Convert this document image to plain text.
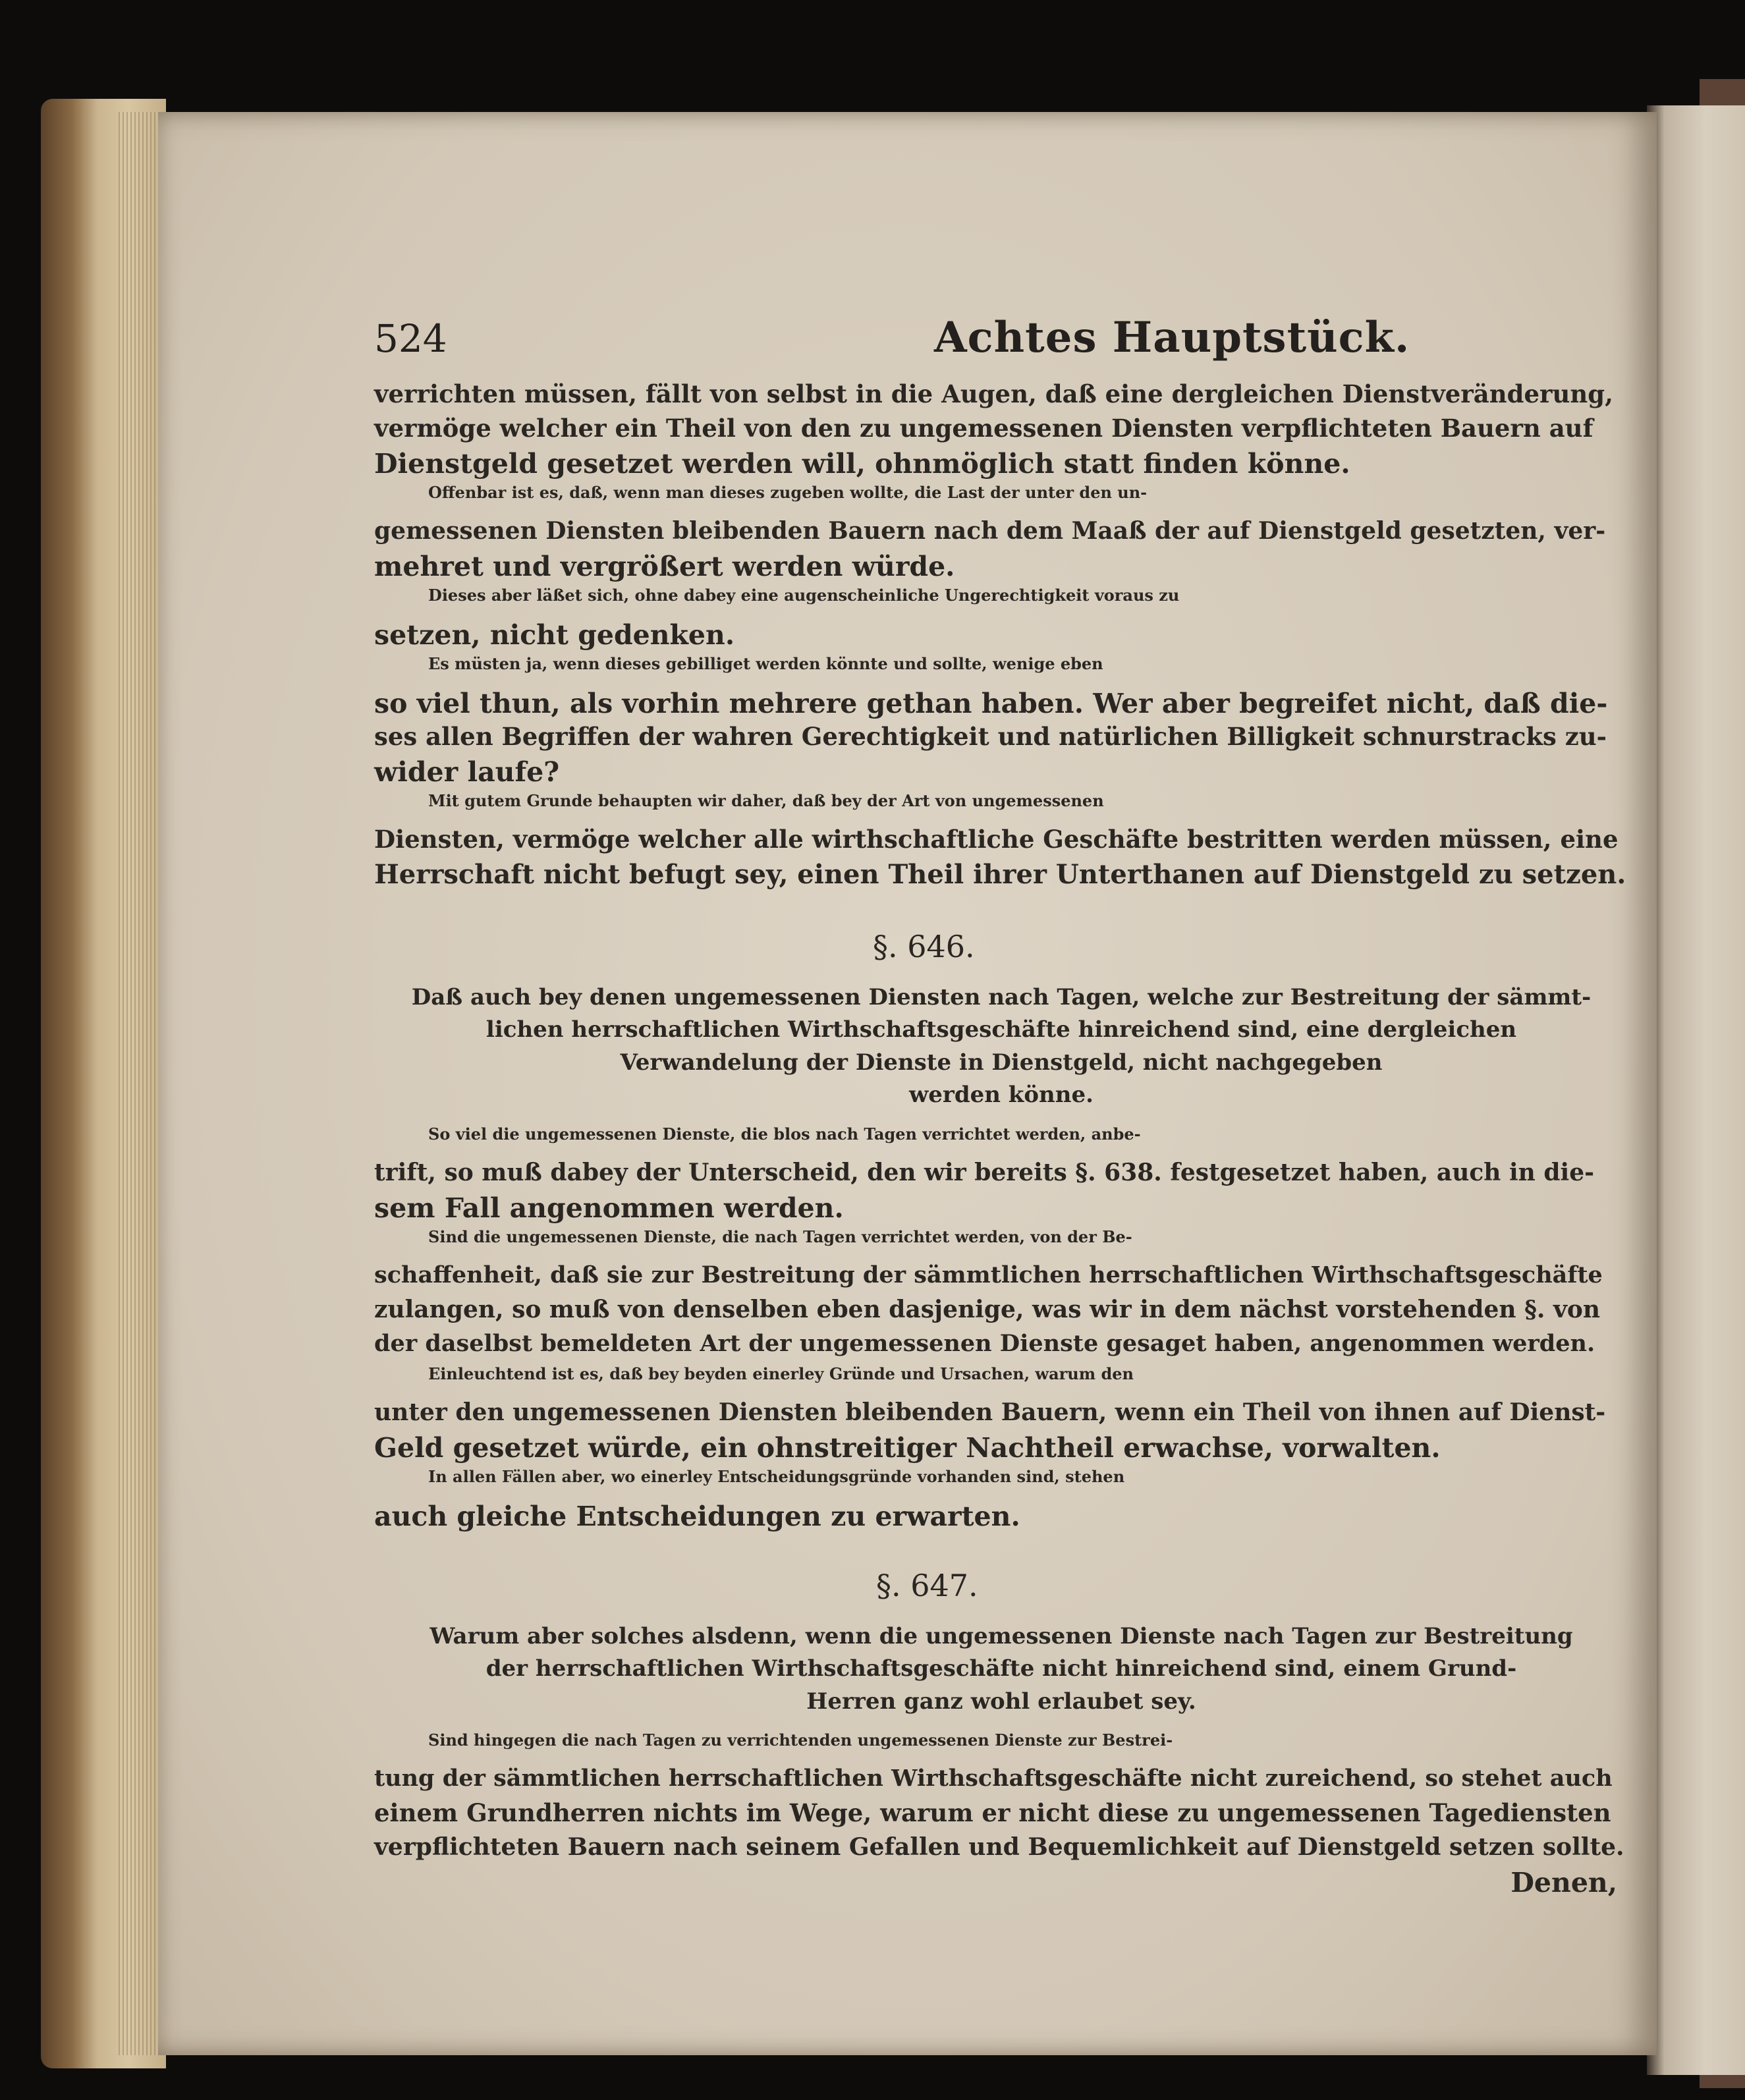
524	Achtes Hauptstück.
verrichten müssen, fällt von selbst in die Augen, daß eine dergleichen Dienstveränderung,
vermöge welcher ein Theil von den zu ungemessenen Diensten verpflichteten Bauern auf
Dienstgeld gesetzet werden will, ohnmöglich statt finden könne.
Offenbar ist es, daß, wenn man dieses zugeben wollte, die Last der unter den un-
gemessenen Diensten bleibenden Bauern nach dem Maaß der auf Dienstgeld gesetzten, ver-
mehret und vergrößert werden würde.
Dieses aber läßet sich, ohne dabey eine augenscheinliche Ungerechtigkeit voraus zu
setzen, nicht gedenken.
Es müsten ja, wenn dieses gebilliget werden könnte und sollte, wenige eben
so viel thun, als vorhin mehrere gethan haben. Wer aber begreifet nicht, daß die-
ses allen Begriffen der wahren Gerechtigkeit und natürlichen Billigkeit schnurstracks zu-
wider laufe?
Mit gutem Grunde behaupten wir daher, daß bey der Art von ungemessenen
Diensten, vermöge welcher alle wirthschaftliche Geschäfte bestritten werden müssen, eine
Herrschaft nicht befugt sey, einen Theil ihrer Unterthanen auf Dienstgeld zu setzen.
§. 646.
Daß auch bey denen ungemessenen Diensten nach Tagen, welche zur Bestreitung der sämmt-
lichen herrschaftlichen Wirthschaftsgeschäfte hinreichend sind, eine dergleichen
Verwandelung der Dienste in Dienstgeld, nicht nachgegeben
werden könne.
So viel die ungemessenen Dienste, die blos nach Tagen verrichtet werden, anbe-
trift, so muß dabey der Unterscheid, den wir bereits §. 638. festgesetzet haben, auch in die-
sem Fall angenommen werden.
Sind die ungemessenen Dienste, die nach Tagen verrichtet werden, von der Be-
schaffenheit, daß sie zur Bestreitung der sämmtlichen herrschaftlichen Wirthschaftsgeschäfte
zulangen, so muß von denselben eben dasjenige, was wir in dem nächst vorstehenden §. von
der daselbst bemeldeten Art der ungemessenen Dienste gesaget haben, angenommen werden.
Einleuchtend ist es, daß bey beyden einerley Gründe und Ursachen, warum den
unter den ungemessenen Diensten bleibenden Bauern, wenn ein Theil von ihnen auf Dienst-
Geld gesetzet würde, ein ohnstreitiger Nachtheil erwachse, vorwalten.
In allen Fällen aber, wo einerley Entscheidungsgründe vorhanden sind, stehen
auch gleiche Entscheidungen zu erwarten.
§. 647.
Warum aber solches alsdenn, wenn die ungemessenen Dienste nach Tagen zur Bestreitung
der herrschaftlichen Wirthschaftsgeschäfte nicht hinreichend sind, einem Grund-
Herren ganz wohl erlaubet sey.
Sind hingegen die nach Tagen zu verrichtenden ungemessenen Dienste zur Bestrei-
tung der sämmtlichen herrschaftlichen Wirthschaftsgeschäfte nicht zureichend, so stehet auch
einem Grundherren nichts im Wege, warum er nicht diese zu ungemessenen Tagediensten
verpflichteten Bauern nach seinem Gefallen und Bequemlichkeit auf Dienstgeld setzen sollte.
Denen,
